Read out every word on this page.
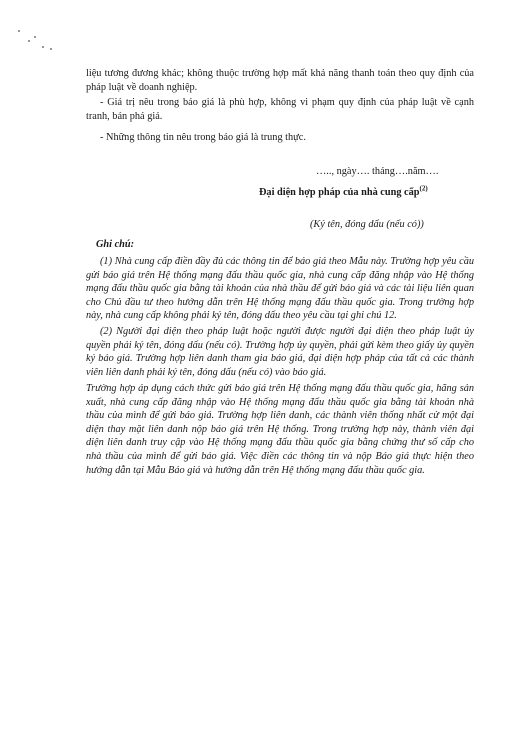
liệu tương đương khác; không thuộc trường hợp mất khả năng thanh toán theo quy định của pháp luật về doanh nghiệp.

- Giá trị nêu trong báo giá là phù hợp, không vi phạm quy định của pháp luật về cạnh tranh, bán phá giá.

- Những thông tin nêu trong báo giá là trung thực.

….., ngày…. tháng….năm….
Đại diện hợp pháp của nhà cung cấp$^{(2)}$
(Ký tên, đóng dấu (nếu có))
Ghi chú:

(1) Nhà cung cấp điền đầy đủ các thông tin để báo giá theo Mẫu này. Trường hợp yêu cầu gửi báo giá trên Hệ thống mạng đấu thầu quốc gia, nhà cung cấp đăng nhập vào Hệ thống mạng đấu thầu quốc gia bằng tài khoản của nhà thầu để gửi báo giá và các tài liệu liên quan cho Chủ đầu tư theo hướng dẫn trên Hệ thống mạng đấu thầu quốc gia. Trong trường hợp này, nhà cung cấp không phải ký tên, đóng dấu theo yêu cầu tại ghi chú 12.

(2) Người đại diện theo pháp luật hoặc người được người đại diện theo pháp luật ủy quyền phải ký tên, đóng dấu (nếu có). Trường hợp ủy quyền, phải gửi kèm theo giấy ủy quyền ký báo giá. Trường hợp liên danh tham gia báo giá, đại diện hợp pháp của tất cả các thành viên liên danh phải ký tên, đóng dấu (nếu có) vào báo giá.

Trường hợp áp dụng cách thức gửi báo giá trên Hệ thống mạng đấu thầu quốc gia, hãng sản xuất, nhà cung cấp đăng nhập vào Hệ thống mạng đấu thầu quốc gia bằng tài khoản nhà thầu của mình để gửi báo giá. Trường hợp liên danh, các thành viên thống nhất cử một đại diện thay mặt liên danh nộp báo giá trên Hệ thống. Trong trường hợp này, thành viên đại diện liên danh truy cập vào Hệ thống mạng đấu thầu quốc gia bằng chứng thư số cấp cho nhà thầu của mình để gửi báo giá. Việc điền các thông tin và nộp Báo giá thực hiện theo hướng dẫn tại Mẫu Báo giá và hướng dẫn trên Hệ thống mạng đấu thầu quốc gia.
